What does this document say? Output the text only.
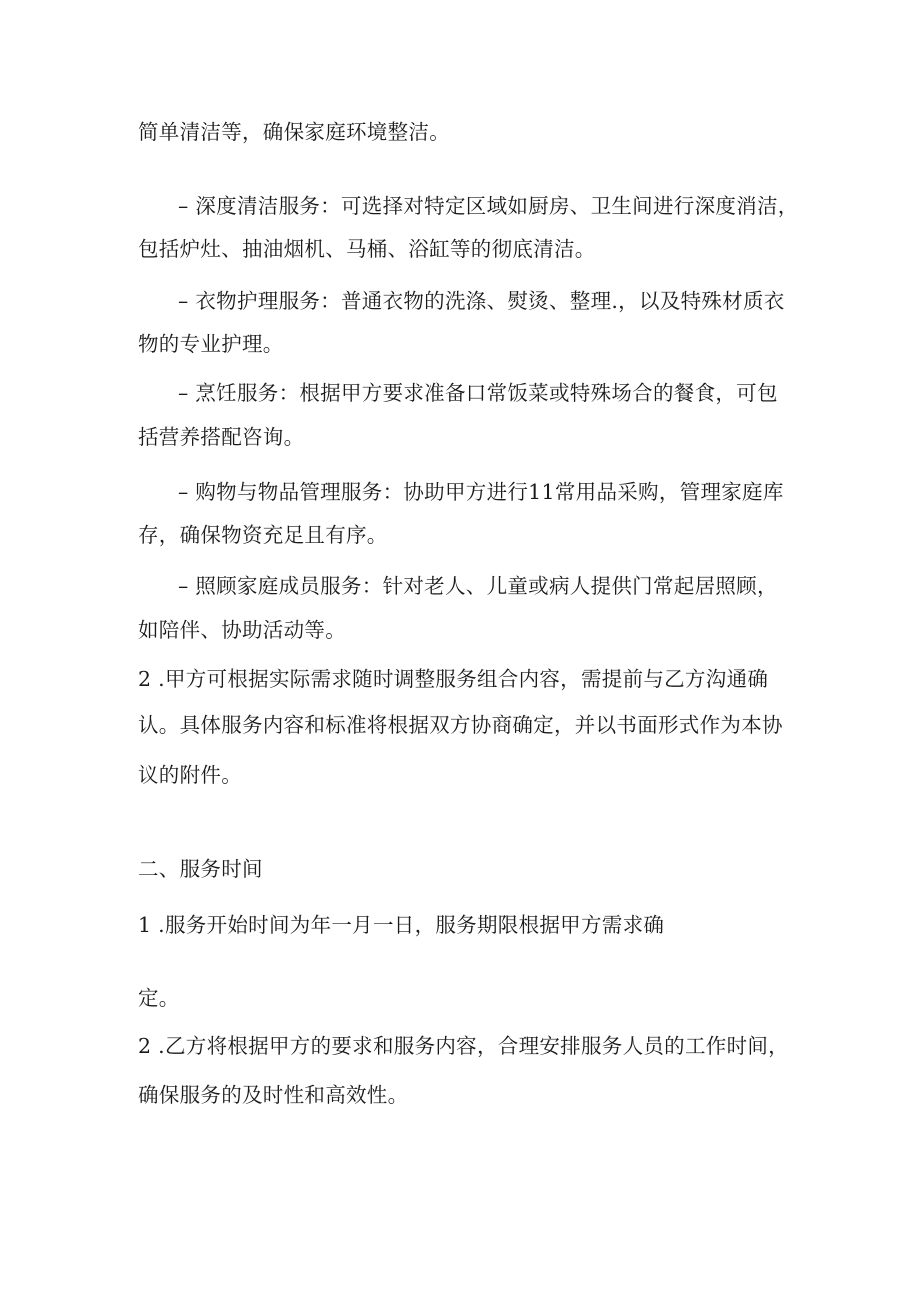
简单清洁等，确保家庭环境整洁。
– 深度清洁服务：可选择对特定区域如厨房、卫生间进行深度消洁，
包括炉灶、抽油烟机、马桶、浴缸等的彻底清洁。
– 衣物护理服务：普通衣物的洗涤、熨烫、整理.，以及特殊材质衣
物的专业护理。
– 烹饪服务：根据甲方要求准备口常饭菜或特殊场合的餐食，可包
括营养搭配咨询。
– 购物与物品管理服务：协助甲方进行11常用品采购，管理家庭库
存，确保物资充足且有序。
– 照顾家庭成员服务：针对老人、儿童或病人提供门常起居照顾，
如陪伴、协助活动等。
2 .甲方可根据实际需求随时调整服务组合内容，需提前与乙方沟通确
认。具体服务内容和标准将根据双方协商确定，并以书面形式作为本协
议的附件。
二、服务时间
1 .服务开始时间为年一月一日，服务期限根据甲方需求确
定。
2 .乙方将根据甲方的要求和服务内容，合理安排服务人员的工作时间，
确保服务的及时性和高效性。
